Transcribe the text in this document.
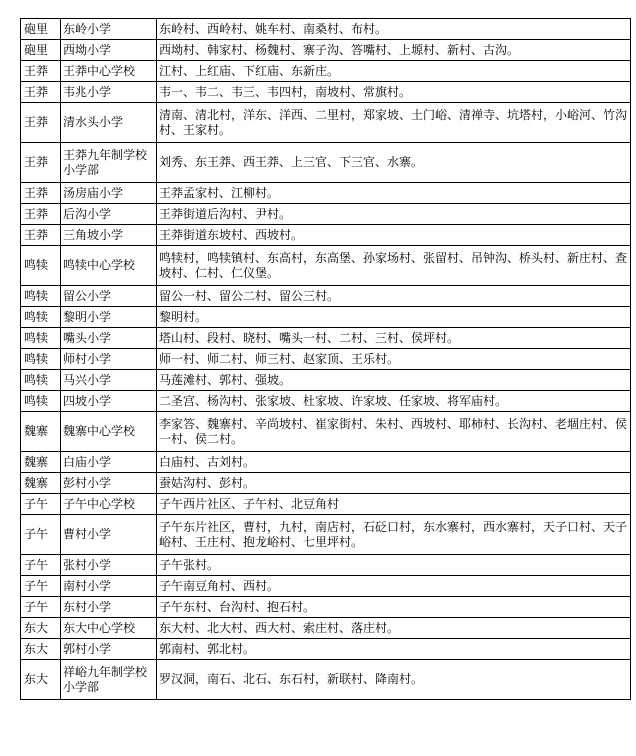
砲里	东岭小学	东岭村、西岭村、姚车村、南桑村、布村。
砲里	西坳小学	西坳村、韩家村、杨魏村、寨子沟、答嘴村、上塬村、新村、古沟。
王莽	王莽中心学校	江村、上红庙、下红庙、东新庄。
王莽	韦兆小学	韦一、韦二、韦三、韦四村，南坡村、常旗村。
王莽	清水头小学	清南、清北村，洋东、洋西、二里村，郑家坡、土门峪、清禅寺、坑塔村，小峪河、竹沟村、王家村。
王莽	王莽九年制学校小学部	刘秀、东王莽、西王莽、上三官、下三官、水寨。
王莽	汤房庙小学	王莽孟家村、江柳村。
王莽	后沟小学	王莽街道后沟村、尹村。
王莽	三角坡小学	王莽街道东坡村、西坡村。
鸣犊	鸣犊中心学校	鸣犊村，鸣犊镇村、东高村，东高堡、孙家场村、张留村、吊钟沟、桥头村、新庄村、查坡村、仁村、仁仪堡。
鸣犊	留公小学	留公一村、留公二村、留公三村。
鸣犊	黎明小学	黎明村。
鸣犊	嘴头小学	塔山村、段村、晓村、嘴头一村、二村、三村、侯坪村。
鸣犊	师村小学	师一村、师二村、师三村、赵家顶、王乐村。
鸣犊	马兴小学	马莲滩村、郭村、强坡。
鸣犊	四坡小学	二圣宫、杨沟村、张家坡、杜家坡、许家坡、任家坡、将军庙村。
魏寨	魏寨中心学校	李家答、魏寨村、辛尚坡村、崔家街村、朱村、西坡村、耶柿村、长沟村、老堌庄村、侯一村、侯二村。
魏寨	白庙小学	白庙村、古刘村。
魏寨	彭村小学	蚕姑沟村、彭村。
子午	子午中心学校	子午西片社区、子午村、北豆角村
子午	曹村小学	子午东片社区，曹村，九村，南店村，石砭口村，东水寨村，西水寨村，天子口村、天子峪村、王庄村、抱龙峪村、七里坪村。
子午	张村小学	子午张村。
子午	南村小学	子午南豆角村、西村。
子午	东村小学	子午东村、台沟村、抱石村。
东大	东大中心学校	东大村、北大村、西大村、索庄村、落庄村。
东大	郭村小学	郭南村、郭北村。
东大	祥峪九年制学校小学部	罗汉洞，南石、北石、东石村，新联村、降南村。
